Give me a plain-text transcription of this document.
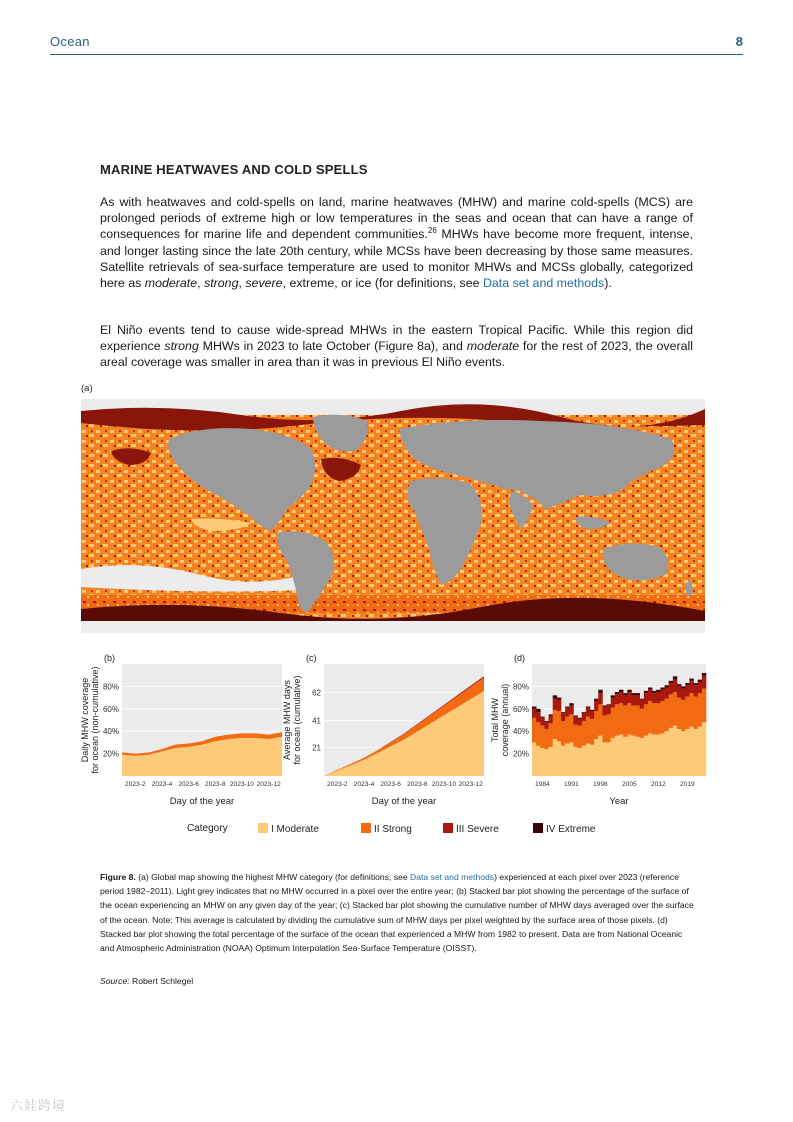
Ocean	8
MARINE HEATWAVES AND COLD SPELLS
As with heatwaves and cold-spells on land, marine heatwaves (MHW) and marine cold-spells (MCS) are prolonged periods of extreme high or low temperatures in the seas and ocean that can have a range of consequences for marine life and dependent communities.$^{26}$ MHWs have become more frequent, intense, and longer lasting since the late 20th century, while MCSs have been decreasing by those same measures. Satellite retrievals of sea-surface temperature are used to monitor MHWs and MCSs globally, categorized here as moderate, strong, severe, extreme, or ice (for definitions, see Data set and methods).
El Niño events tend to cause wide-spread MHWs in the eastern Tropical Pacific. While this region did experience strong MHWs in 2023 to late October (Figure 8a), and moderate for the rest of 2023, the overall areal coverage was smaller in area than it was in previous El Niño events.
(a)
20%
40%
60%
80%
(b)
Day of the year
Daily MHW coveragefor ocean (non-cumulative)
2023-2 2023-4 2023-6 2023-8 2023-10 2023-12
21
41
62
(c)
Day of the year
Average MHW daysfor ocean (cumulative)
2023-2 2023-4 2023-6 2023-8 2023-10 2023-12
20%
40%
60%
80%
(d)
Year
Total MHWcoverage (annual)
1984 1991 1998 2005 2012 2019
Category	I Moderate	II Strong	III Severe	IV Extreme
Figure 8. (a) Global map showing the highest MHW category (for definitions, see Data set and methods) experienced at each pixel over 2023 (reference period 1982–2011). Light grey indicates that no MHW occurred in a pixel over the entire year; (b) Stacked bar plot showing the percentage of the surface of the ocean experiencing an MHW on any given day of the year; (c) Stacked bar plot showing the cumulative number of MHW days averaged over the surface of the ocean. Note: This average is calculated by dividing the cumulative sum of MHW days per pixel weighted by the surface area of those pixels. (d) Stacked bar plot showing the total percentage of the surface of the ocean that experienced a MHW from 1982 to present. Data are from National Oceanic and Atmospheric Administration (NOAA) Optimum Interpolation Sea-Surface Temperature (OISST).
Source: Robert Schlegel
六娃跨境
